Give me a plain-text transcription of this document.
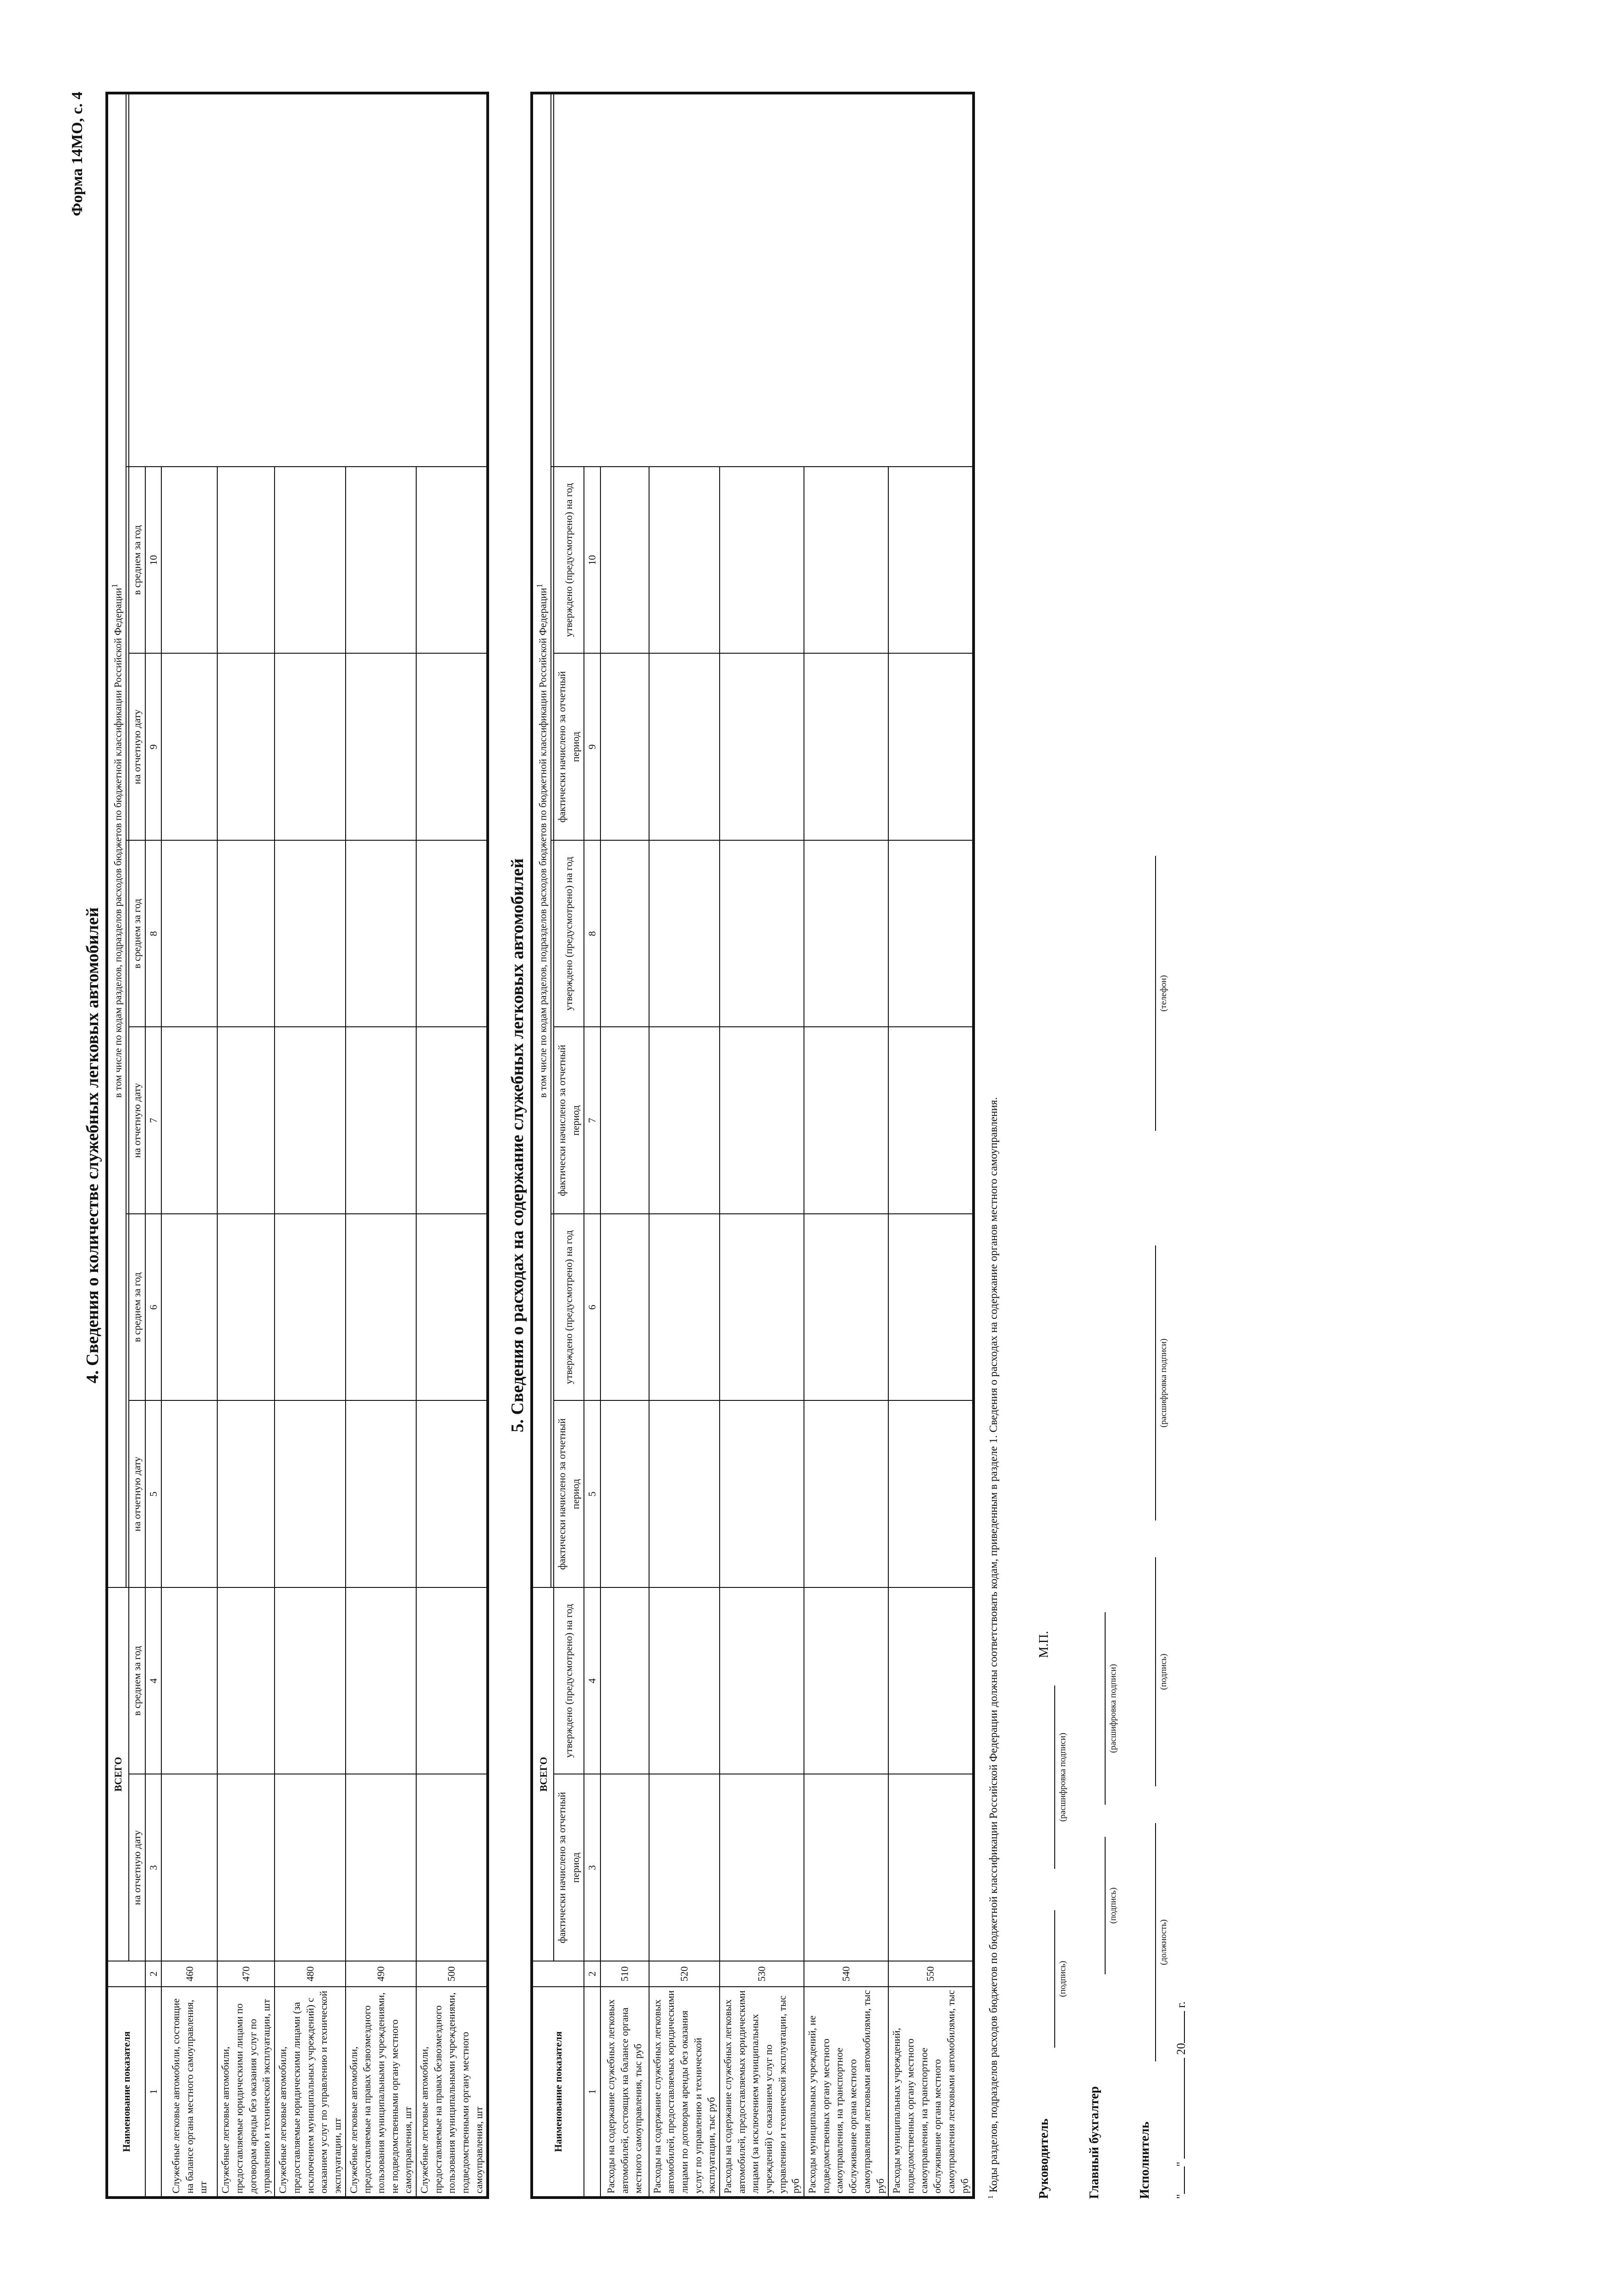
Форма 14МО, с. 4
4. Сведения о количестве служебных легковых автомобилей
Наименование показателя		ВСЕГО		в том числе по кодам разделов, подразделов расходов бюджетов по бюджетной классификации Российской Федерации$^1$

		на отчетную дату	в среднем за год	на отчетную дату	в среднем за год	на отчетную дату	в среднем за год	на отчетную дату	в среднем за год	
1	2	3	4	5	6	7	8	9	10	
Служебные легковые автомобили, состоящие на балансе органа местного самоуправления, шт	460									
Служебные легковые автомобили, предоставляемые юридическими лицами по договорам аренды без оказания услуг по управлению и технической эксплуатации, шт	470									
Служебные легковые автомобили, предоставляемые юридическими лицами (за исключением муниципальных учреждений) с оказанием услуг по управлению и технической эксплуатации, шт	480									
Служебные легковые автомобили, предоставляемые на правах безвозмездного пользования муниципальными учреждениями, не подведомственными органу местного самоуправления, шт	490									
Служебные легковые автомобили, предоставляемые на правах безвозмездного пользования муниципальными учреждениями, подведомственными органу местного самоуправления, шт	500									
5. Сведения о расходах на содержание служебных легковых автомобилей
Наименование показателя		ВСЕГО		в том числе по кодам разделов, подразделов расходов бюджетов по бюджетной классификации Российской Федерации$^1$

		фактически начислено за отчетный период	утверждено (предусмотрено) на год	фактически начислено за отчетный период	утверждено (предусмотрено) на год	фактически начислено за отчетный период	утверждено (предусмотрено) на год	фактически начислено за отчетный период	утверждено (предусмотрено) на год	
1	2	3	4	5	6	7	8	9	10	
Расходы на содержание служебных легковых автомобилей, состоящих на балансе органа местного самоуправления, тыс руб	510									
Расходы на содержание служебных легковых автомобилей, предоставляемых юридическими лицами по договорам аренды без оказания услуг по управлению и технической эксплуатации, тыс руб	520									
Расходы на содержание служебных легковых автомобилей, предоставляемых юридическими лицами (за исключением муниципальных учреждений) с оказанием услуг по управлению и технической эксплуатации, тыс руб	530									
Расходы муниципальных учреждений, не подведомственных органу местного самоуправления, на транспортное обслуживание органа местного самоуправления легковыми автомобилями, тыс руб	540									
Расходы муниципальных учреждений, подведомственных органу местного самоуправления, на транспортное обслуживание органа местного самоуправления легковыми автомобилями, тыс руб	550									
$^1$ Коды разделов, подразделов расходов бюджетов по бюджетной классификации Российской Федерации должны соответствовать кодам, приведенным в разделе 1. Сведения о расходах на содержание органов местного самоуправления.	Руководитель
(подпись)
(расшифровка подписи)
М.П.
Главный бухгалтер
(подпись)
(расшифровка подписи)
Исполнитель
(должность)
(подпись)
(расшифровка подписи)
(телефон)
""  20 г.
